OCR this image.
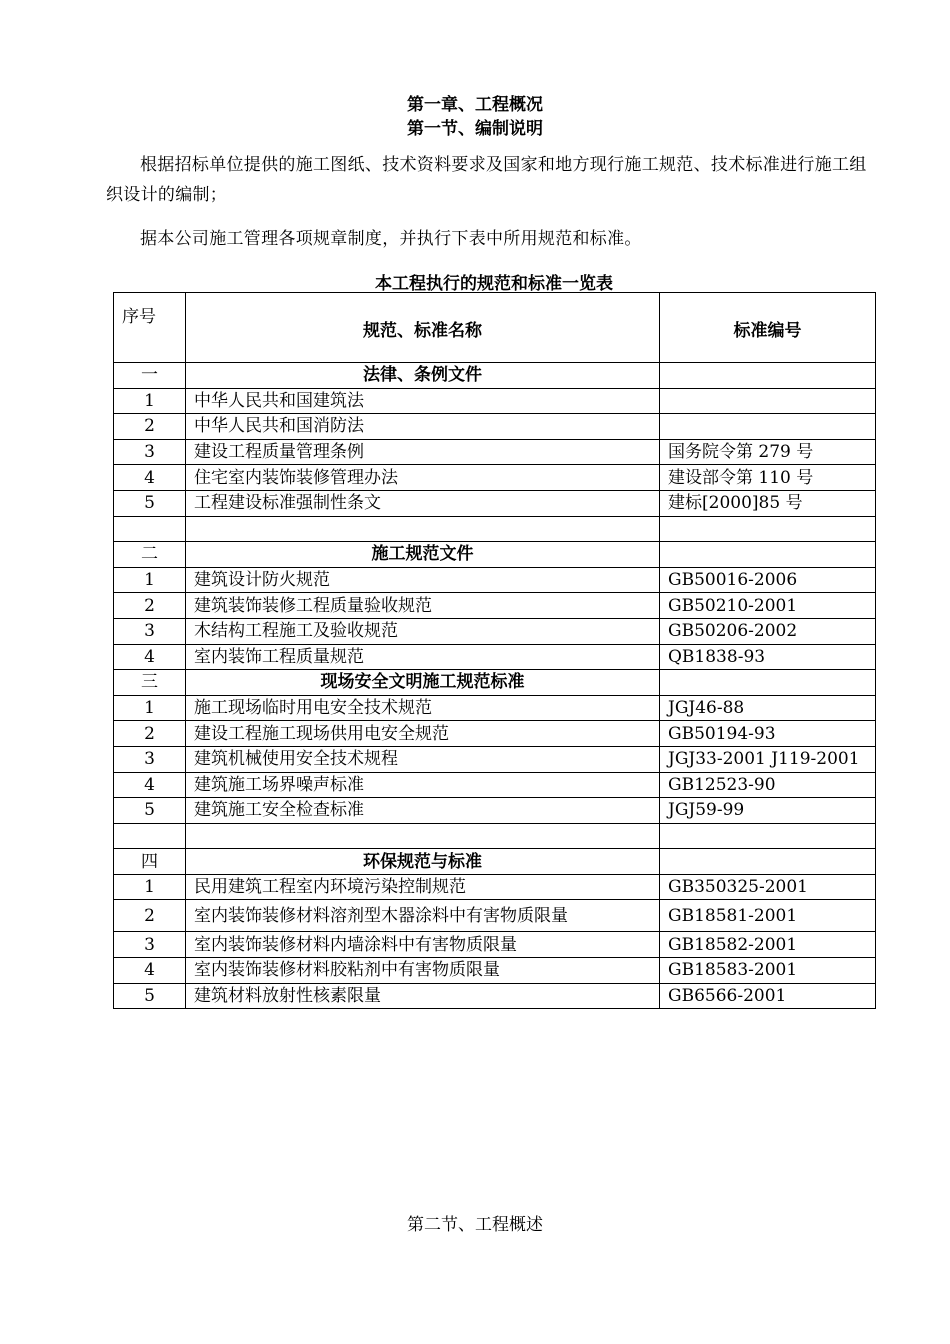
第一章、工程概况
第一节、编制说明
根据招标单位提供的施工图纸、技术资料要求及国家和地方现行施工规范、技术标准进行施工组织设计的编制；
据本公司施工管理各项规章制度，并执行下表中所用规范和标准。
本工程执行的规范和标准一览表
序号	规范、标准名称	标准编号
一	法律、条例文件	
1	中华人民共和国建筑法	
2	中华人民共和国消防法	
3	建设工程质量管理条例	国务院令第 279 号
4	住宅室内装饰装修管理办法	建设部令第 110 号
5	工程建设标准强制性条文	建标[2000]85 号

二	施工规范文件	
1	建筑设计防火规范	GB50016-2006
2	建筑装饰装修工程质量验收规范	GB50210-2001
3	木结构工程施工及验收规范	GB50206-2002
4	室内装饰工程质量规范	QB1838-93
三	现场安全文明施工规范标准	
1	施工现场临时用电安全技术规范	JGJ46-88
2	建设工程施工现场供用电安全规范	GB50194-93
3	建筑机械使用安全技术规程	JGJ33-2001 J119-2001
4	建筑施工场界噪声标准	GB12523-90
5	建筑施工安全检查标准	JGJ59-99

四	环保规范与标准	
1	民用建筑工程室内环境污染控制规范	GB350325-2001
2	室内装饰装修材料溶剂型木器涂料中有害物质限量	GB18581-2001
3	室内装饰装修材料内墙涂料中有害物质限量	GB18582-2001
4	室内装饰装修材料胶粘剂中有害物质限量	GB18583-2001
5	建筑材料放射性核素限量	GB6566-2001
第二节、工程概述
